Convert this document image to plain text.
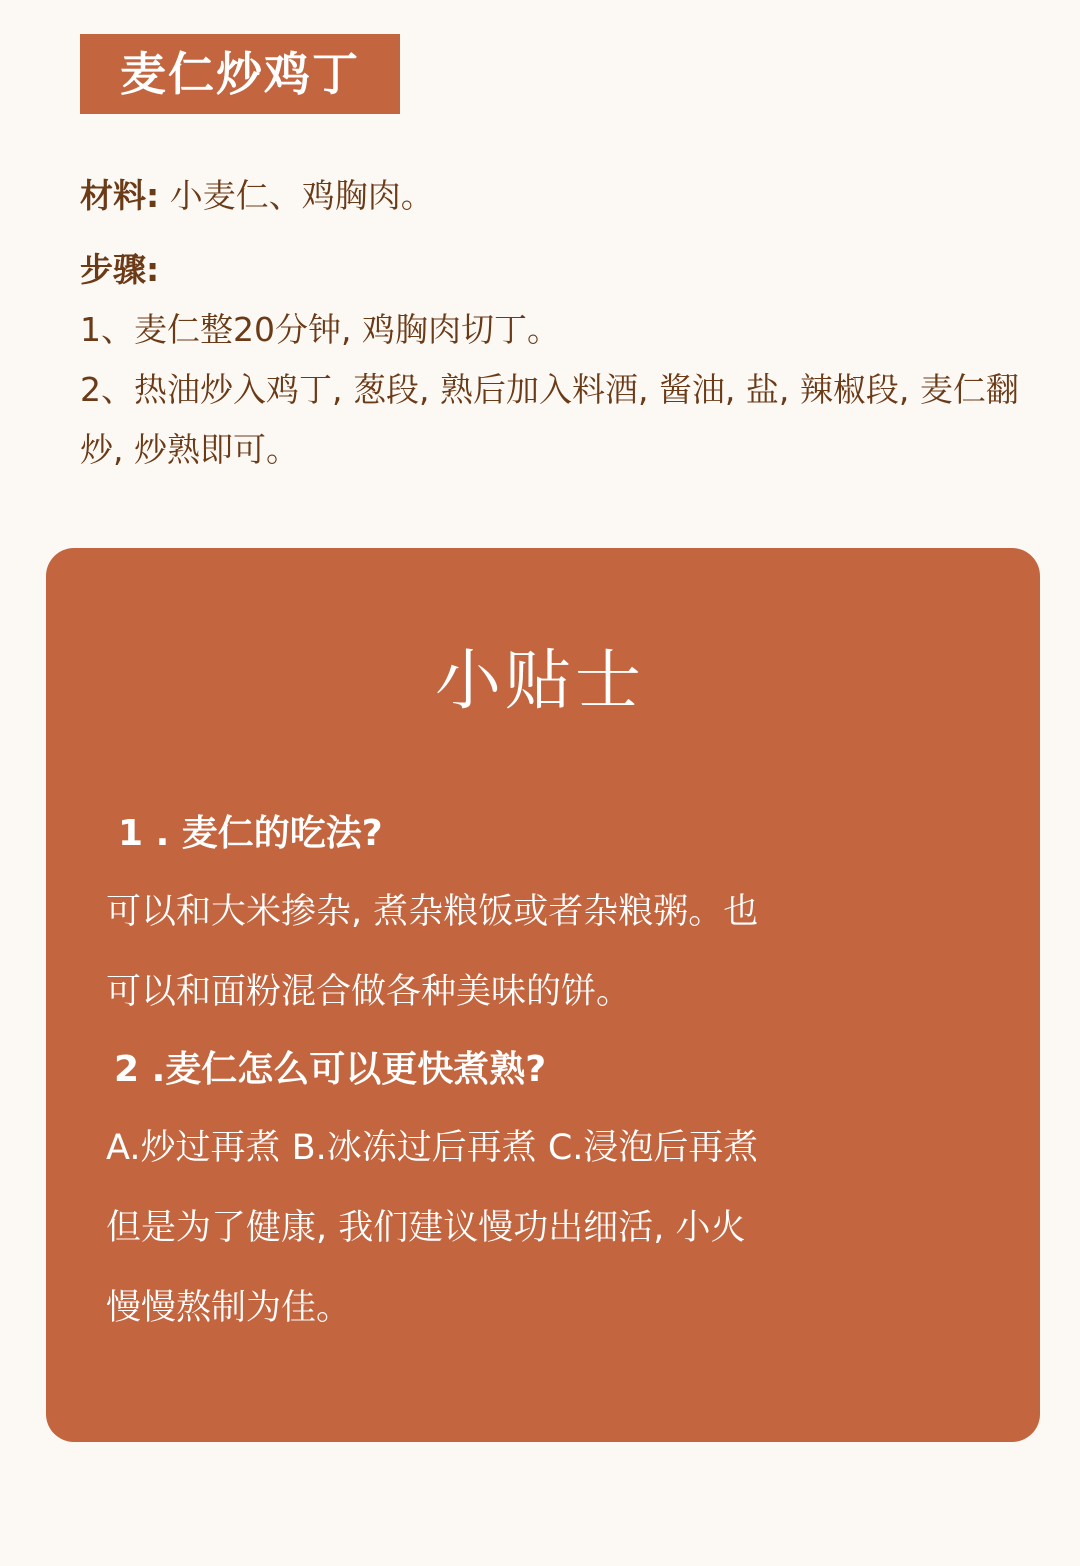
麦仁炒鸡丁
材料: 小麦仁、鸡胸肉。
步骤:
1、麦仁整20分钟, 鸡胸肉切丁。
2、热油炒入鸡丁, 葱段, 熟后加入料酒, 酱油, 盐, 辣椒段, 麦仁翻炒, 炒熟即可。
小贴士
1 . 麦仁的吃法?
可以和大米掺杂, 煮杂粮饭或者杂粮粥。也
可以和面粉混合做各种美味的饼。
2 .麦仁怎么可以更快煮熟?
A.炒过再煮 B.冰冻过后再煮 C.浸泡后再煮
但是为了健康, 我们建议慢功出细活, 小火
慢慢熬制为佳。
